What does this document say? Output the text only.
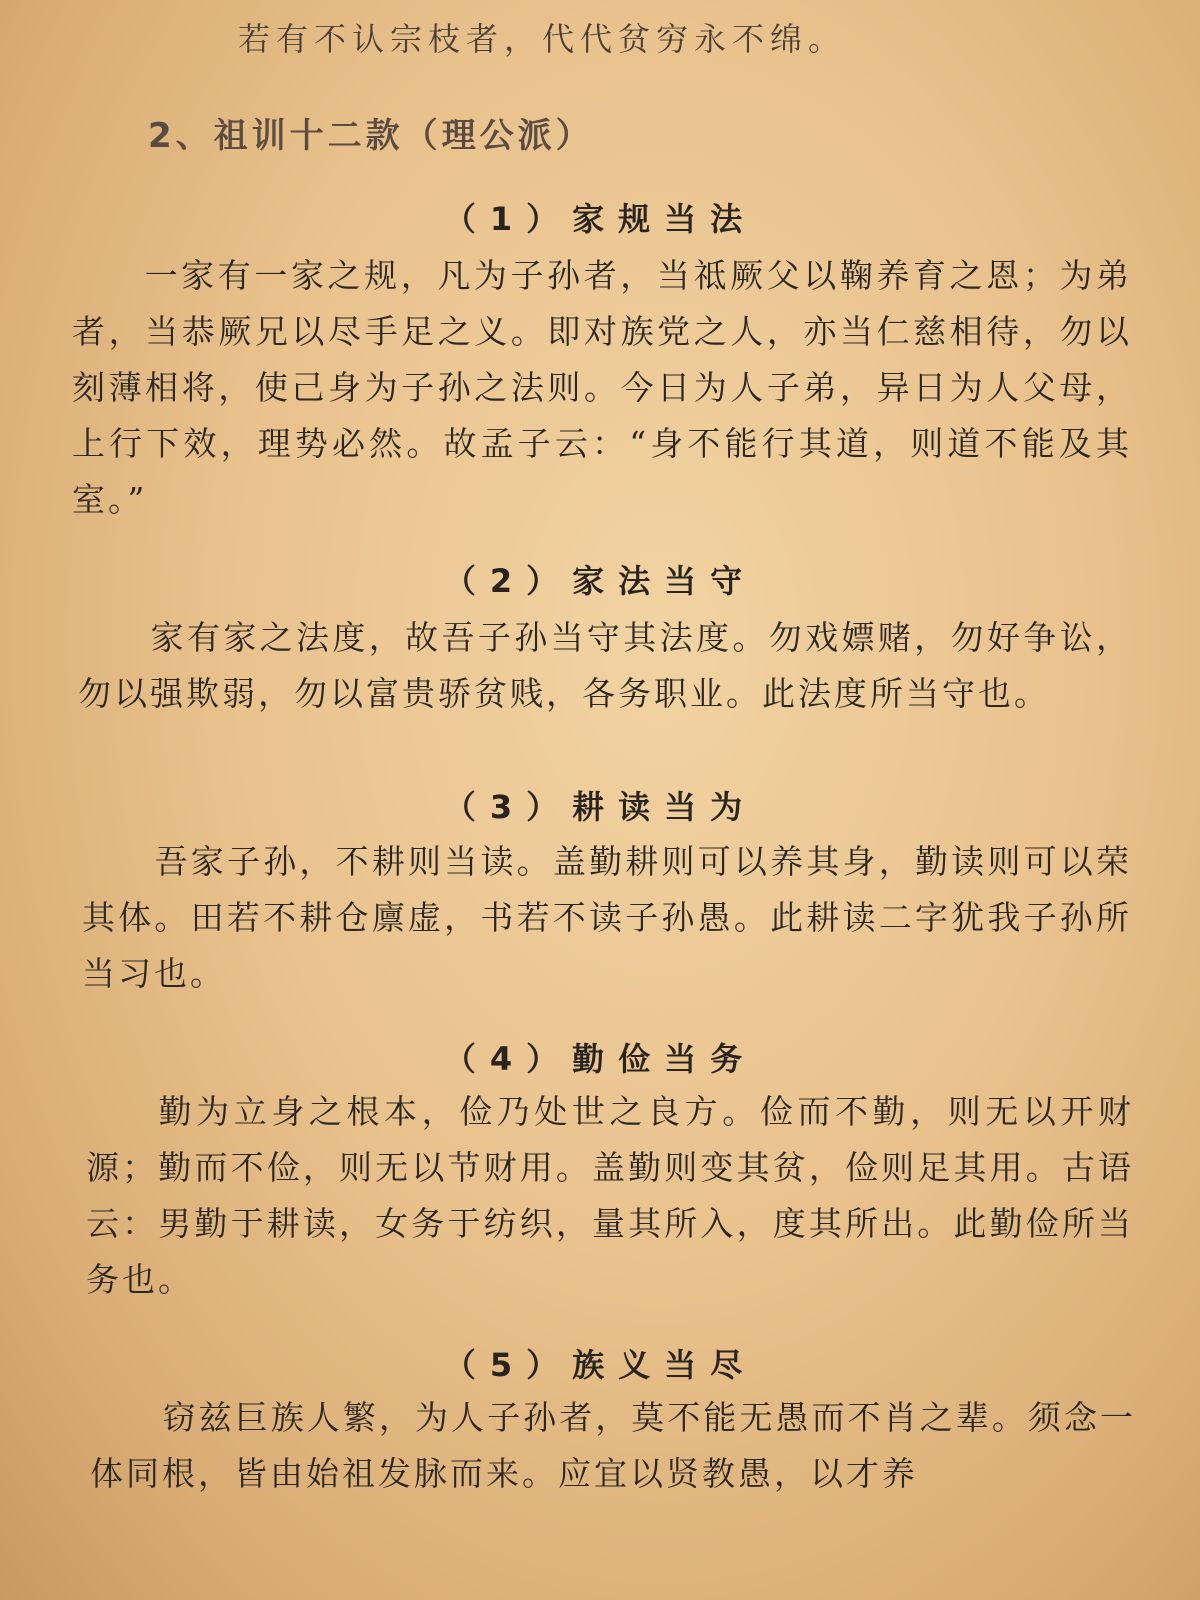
若有不认宗枝者，代代贫穷永不绵。
2、祖训十二款（理公派）
（1）家规当法
一家有一家之规，凡为子孙者，当祗厥父以鞠养育之恩；为弟者，当恭厥兄以尽手足之义。即对族党之人，亦当仁慈相待，勿以刻薄相将，使己身为子孙之法则。今日为人子弟，异日为人父母，上行下效，理势必然。故孟子云：“身不能行其道，则道不能及其室。”
（2）家法当守
家有家之法度，故吾子孙当守其法度。勿戏嫖赌，勿好争讼，勿以强欺弱，勿以富贵骄贫贱，各务职业。此法度所当守也。
（3）耕读当为
吾家子孙，不耕则当读。盖勤耕则可以养其身，勤读则可以荣其体。田若不耕仓廪虚，书若不读子孙愚。此耕读二字犹我子孙所当习也。
（4）勤俭当务
勤为立身之根本，俭乃处世之良方。俭而不勤，则无以开财源；勤而不俭，则无以节财用。盖勤则变其贫，俭则足其用。古语云：男勤于耕读，女务于纺织，量其所入，度其所出。此勤俭所当务也。
（5）族义当尽
窃兹巨族人繁，为人子孙者，莫不能无愚而不肖之辈。须念一体同根，皆由始祖发脉而来。应宜以贤教愚，以才养
